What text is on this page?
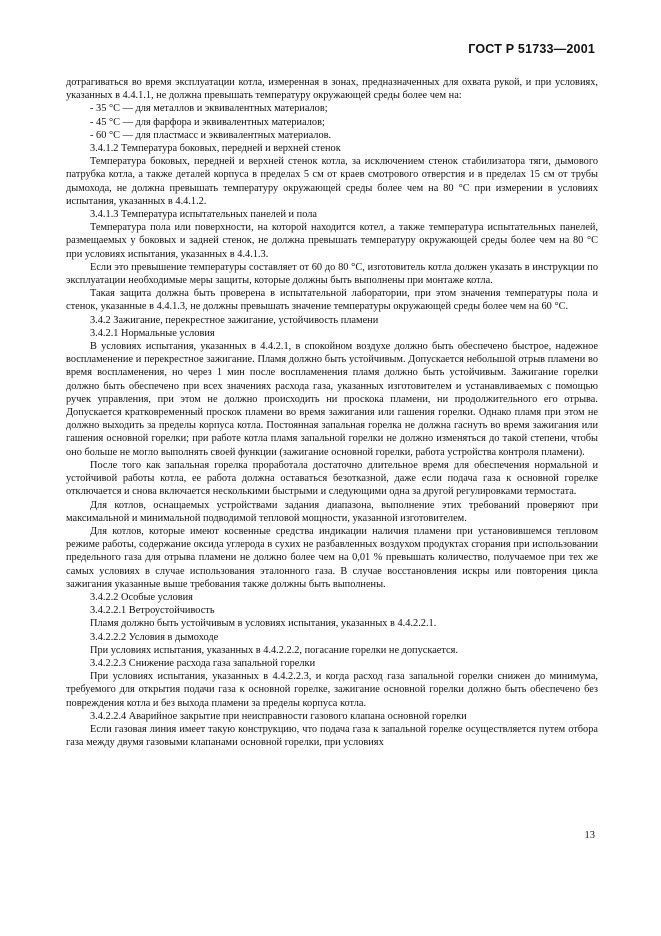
ГОСТ Р 51733—2001

дотрагиваться во время эксплуатации котла, измеренная в зонах, предназначенных для охвата рукой, и при условиях, указанных в 4.4.1.1, не должна превышать температуру окружающей среды более чем на:

- 35 °С — для металлов и эквивалентных материалов;

- 45 °С — для фарфора и эквивалентных материалов;

- 60 °С — для пластмасс и эквивалентных материалов.

3.4.1.2 Температура боковых, передней и верхней стенок

Температура боковых, передней и верхней стенок котла, за исключением стенок стабилизатора тяги, дымового патрубка котла, а также деталей корпуса в пределах 5 см от краев смотрового отверстия и в пределах 15 см от трубы дымохода, не должна превышать температуру окружающей среды более чем на 80 °С при измерении в условиях испытания, указанных в 4.4.1.2.

3.4.1.3 Температура испытательных панелей и пола

Температура пола или поверхности, на которой находится котел, а также температура испытательных панелей, размещаемых у боковых и задней стенок, не должна превышать температуру окружающей среды более чем на 80 °С при условиях испытания, указанных в 4.4.1.3.

Если это превышение температуры составляет от 60 до 80 °С, изготовитель котла должен указать в инструкции по эксплуатации необходимые меры защиты, которые должны быть выполнены при монтаже котла.

Такая защита должна быть проверена в испытательной лаборатории, при этом значения температуры пола и стенок, указанные в 4.4.1.3, не должны превышать значение температуры окружающей среды более чем на 60 °С.

3.4.2 Зажигание, перекрестное зажигание, устойчивость пламени

3.4.2.1 Нормальные условия

В условиях испытания, указанных в 4.4.2.1, в спокойном воздухе должно быть обеспечено быстрое, надежное воспламенение и перекрестное зажигание. Пламя должно быть устойчивым. Допускается небольшой отрыв пламени во время воспламенения, но через 1 мин после воспламенения пламя должно быть устойчивым. Зажигание горелки должно быть обеспечено при всех значениях расхода газа, указанных изготовителем и устанавливаемых с помощью ручек управления, при этом не должно происходить ни проскока пламени, ни продолжительного его отрыва. Допускается кратковременный проскок пламени во время зажигания или гашения горелки. Однако пламя при этом не должно выходить за пределы корпуса котла. Постоянная запальная горелка не должна гаснуть во время зажигания или гашения основной горелки; при работе котла пламя запальной горелки не должно изменяться до такой степени, чтобы оно больше не могло выполнять своей функции (зажигание основной горелки, работа устройства контроля пламени).

После того как запальная горелка проработала достаточно длительное время для обеспечения нормальной и устойчивой работы котла, ее работа должна оставаться безотказной, даже если подача газа к основной горелке отключается и снова включается несколькими быстрыми и следующими одна за другой регулировками термостата.

Для котлов, оснащаемых устройствами задания диапазона, выполнение этих требований проверяют при максимальной и минимальной подводимой тепловой мощности, указанной изготовителем.

Для котлов, которые имеют косвенные средства индикации наличия пламени при установившемся тепловом режиме работы, содержание оксида углерода в сухих не разбавленных воздухом продуктах сгорания при использовании предельного газа для отрыва пламени не должно более чем на 0,01 % превышать количество, получаемое при тех же самых условиях в случае использования эталонного газа. В случае восстановления искры или повторения цикла зажигания указанные выше требования также должны быть выполнены.

3.4.2.2 Особые условия

3.4.2.2.1 Ветроустойчивость

Пламя должно быть устойчивым в условиях испытания, указанных в 4.4.2.2.1.

3.4.2.2.2 Условия в дымоходе

При условиях испытания, указанных в 4.4.2.2.2, погасание горелки не допускается.

3.4.2.2.3 Снижение расхода газа запальной горелки

При условиях испытания, указанных в 4.4.2.2.3, и когда расход газа запальной горелки снижен до минимума, требуемого для открытия подачи газа к основной горелке, зажигание основной горелки должно быть обеспечено без повреждения котла и без выхода пламени за пределы корпуса котла.

3.4.2.2.4 Аварийное закрытие при неисправности газового клапана основной горелки

Если газовая линия имеет такую конструкцию, что подача газа к запальной горелке осуществляется путем отбора газа между двумя газовыми клапанами основной горелки, при условиях

13
